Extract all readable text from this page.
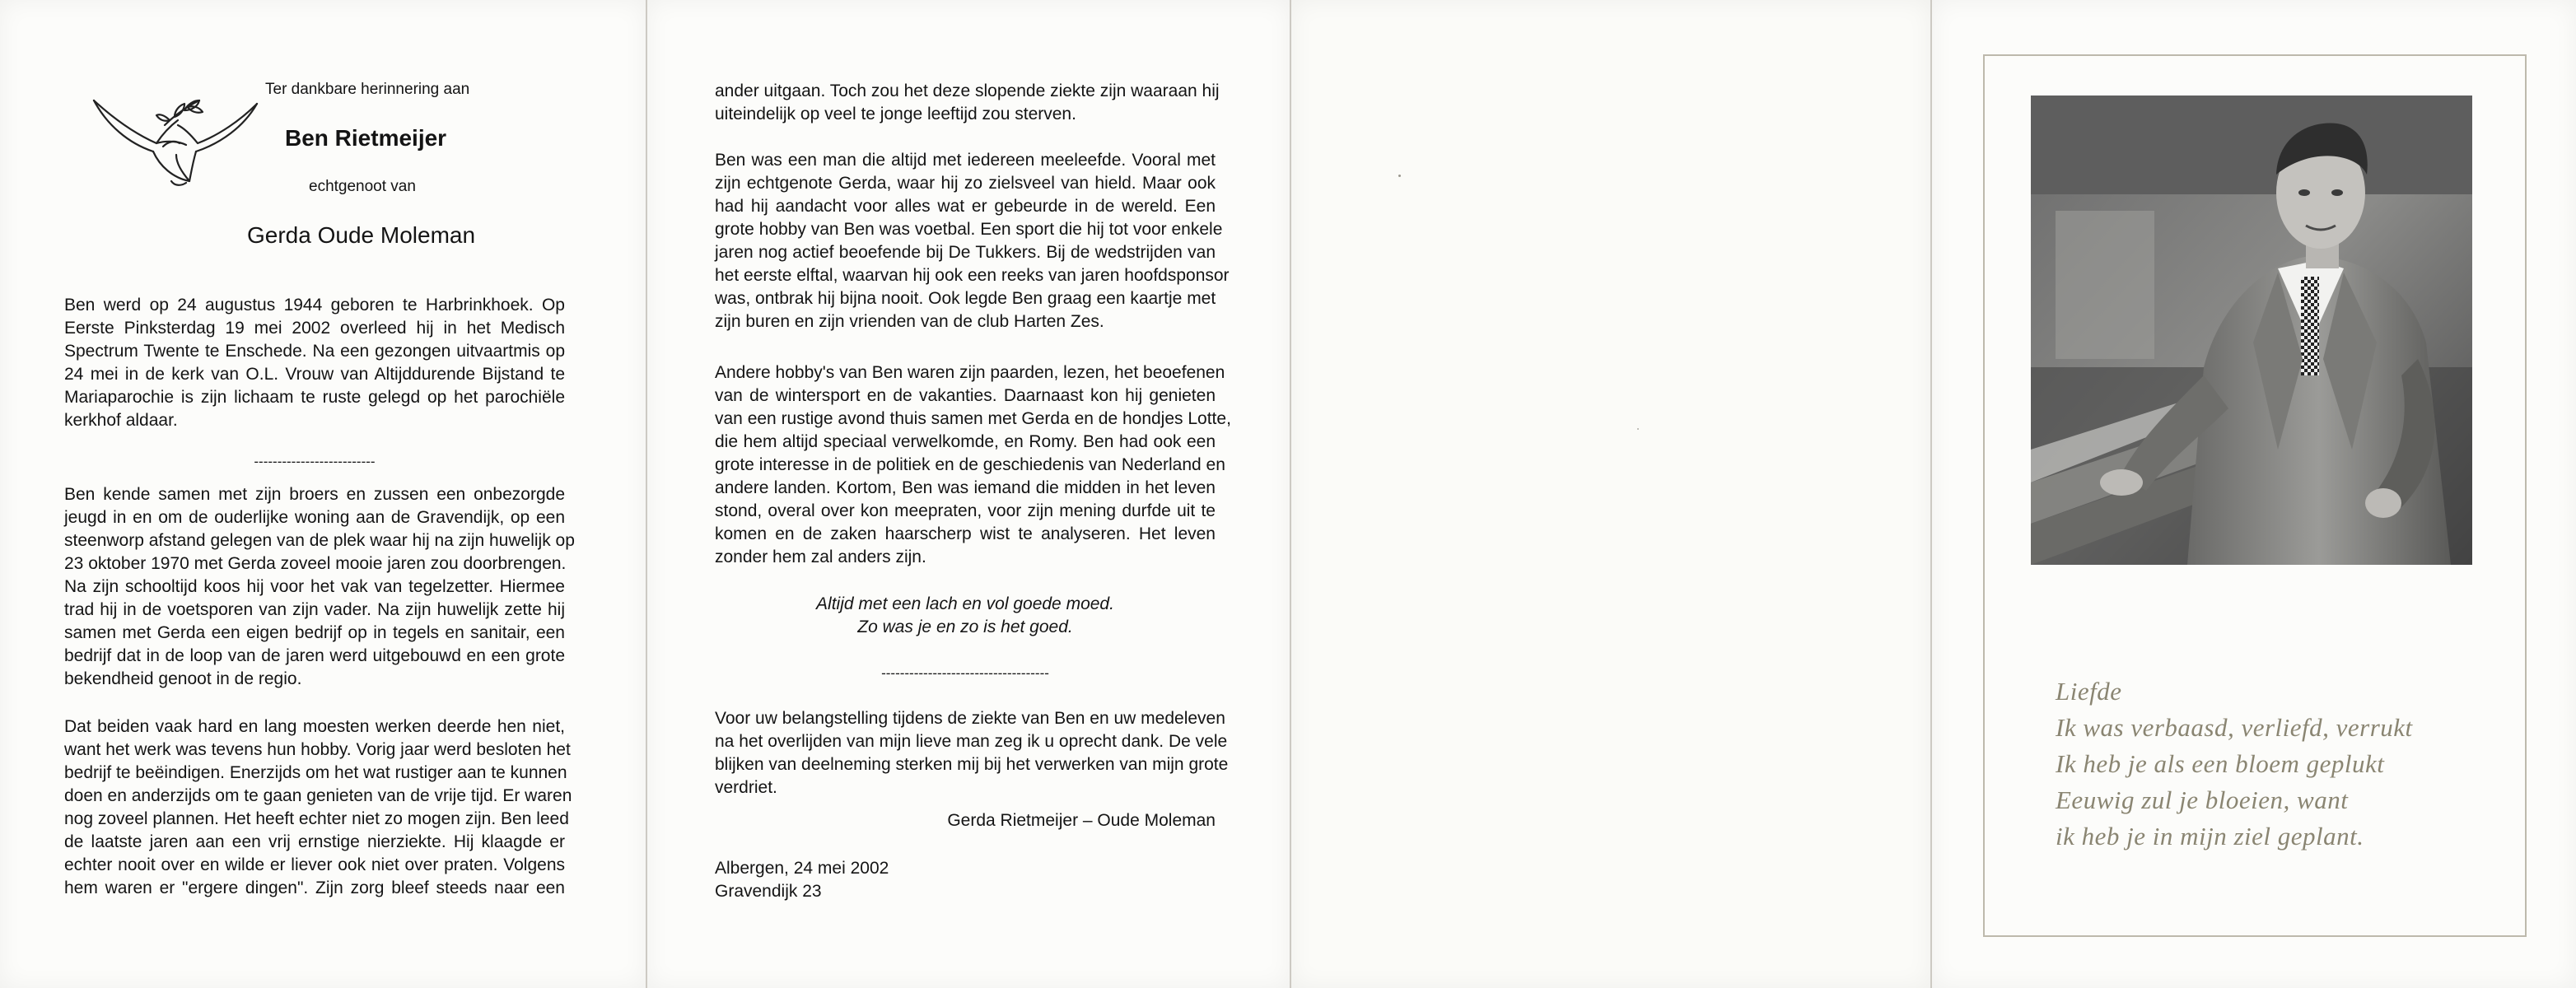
Ter dankbare herinnering aan
Ben Rietmeijer
echtgenoot van
Gerda Oude Moleman
Ben werd op 24 augustus 1944 geboren te Harbrinkhoek. Op
Eerste Pinksterdag 19 mei 2002 overleed hij in het Medisch
Spectrum Twente te Enschede. Na een gezongen uitvaartmis op
24 mei in de kerk van O.L. Vrouw van Altijddurende Bijstand te
Mariaparochie is zijn lichaam te ruste gelegd op het parochiële
kerkhof aldaar.
--------------------------
Ben kende samen met zijn broers en zussen een onbezorgde
jeugd in en om de ouderlijke woning aan de Gravendijk, op een
steenworp afstand gelegen van de plek waar hij na zijn huwelijk op
23 oktober 1970 met Gerda zoveel mooie jaren zou doorbrengen.
Na zijn schooltijd koos hij voor het vak van tegelzetter. Hiermee
trad hij in de voetsporen van zijn vader. Na zijn huwelijk zette hij
samen met Gerda een eigen bedrijf op in tegels en sanitair, een
bedrijf dat in de loop van de jaren werd uitgebouwd en een grote
bekendheid genoot in de regio.
Dat beiden vaak hard en lang moesten werken deerde hen niet,
want het werk was tevens hun hobby. Vorig jaar werd besloten het
bedrijf te beëindigen. Enerzijds om het wat rustiger aan te kunnen
doen en anderzijds om te gaan genieten van de vrije tijd. Er waren
nog zoveel plannen. Het heeft echter niet zo mogen zijn. Ben leed
de laatste jaren aan een vrij ernstige nierziekte. Hij klaagde er
echter nooit over en wilde er liever ook niet over praten. Volgens
hem waren er "ergere dingen". Zijn zorg bleef steeds naar een
ander uitgaan. Toch zou het deze slopende ziekte zijn waaraan hij
uiteindelijk op veel te jonge leeftijd zou sterven.
Ben was een man die altijd met iedereen meeleefde. Vooral met
zijn echtgenote Gerda, waar hij zo zielsveel van hield. Maar ook
had hij aandacht voor alles wat er gebeurde in de wereld. Een
grote hobby van Ben was voetbal. Een sport die hij tot voor enkele
jaren nog actief beoefende bij De Tukkers. Bij de wedstrijden van
het eerste elftal, waarvan hij ook een reeks van jaren hoofdsponsor
was, ontbrak hij bijna nooit. Ook legde Ben graag een kaartje met
zijn buren en zijn vrienden van de club Harten Zes.
Andere hobby's van Ben waren zijn paarden, lezen, het beoefenen
van de wintersport en de vakanties. Daarnaast kon hij genieten
van een rustige avond thuis samen met Gerda en de hondjes Lotte,
die hem altijd speciaal verwelkomde, en Romy. Ben had ook een
grote interesse in de politiek en de geschiedenis van Nederland en
andere landen. Kortom, Ben was iemand die midden in het leven
stond, overal over kon meepraten, voor zijn mening durfde uit te
komen en de zaken haarscherp wist te analyseren. Het leven
zonder hem zal anders zijn.
Altijd met een lach en vol goede moed.
Zo was je en zo is het goed.
------------------------------------
Voor uw belangstelling tijdens de ziekte van Ben en uw medeleven
na het overlijden van mijn lieve man zeg ik u oprecht dank. De vele
blijken van deelneming sterken mij bij het verwerken van mijn grote
verdriet.
Gerda Rietmeijer – Oude Moleman
Albergen, 24 mei 2002
Gravendijk 23
Liefde
Ik was verbaasd, verliefd, verrukt
Ik heb je als een bloem geplukt
Eeuwig zul je bloeien, want
ik heb je in mijn ziel geplant.
